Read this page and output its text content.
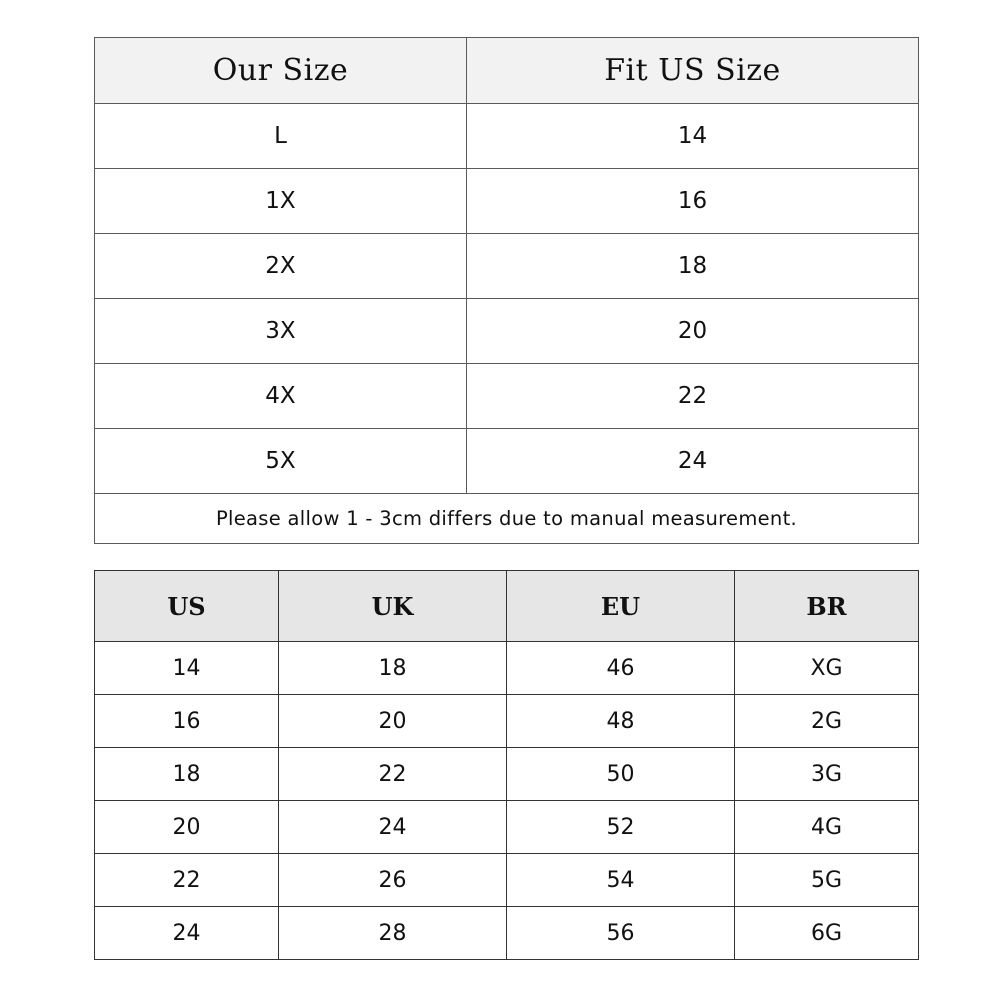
Our Size	Fit US Size
L	14
1X	16
2X	18
3X	20
4X	22
5X	24
Please allow 1 - 3cm differs due to manual measurement.	
US	UK	EU	BR
14	18	46	XG
16	20	48	2G
18	22	50	3G
20	24	52	4G
22	26	54	5G
24	28	56	6G
